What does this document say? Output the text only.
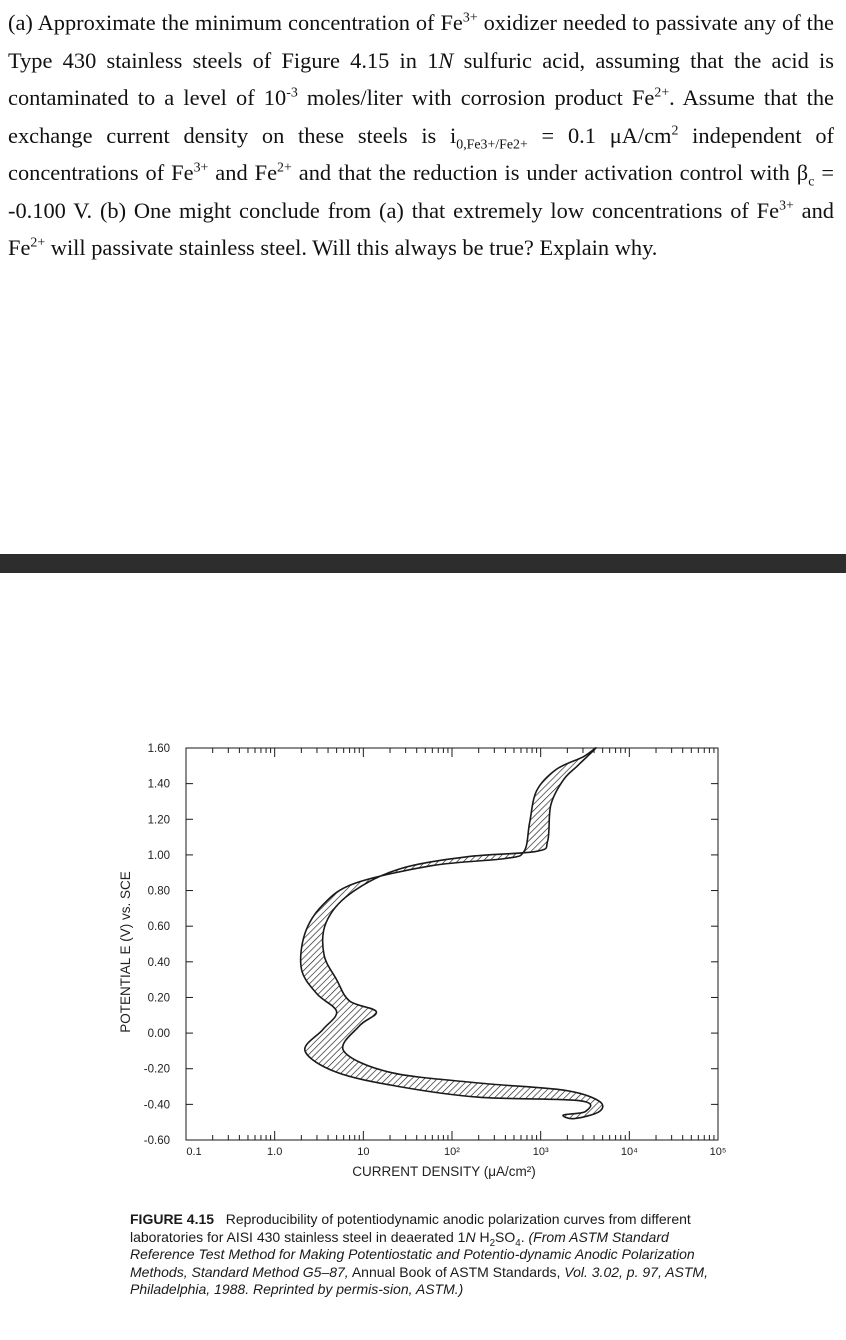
(a) Approximate the minimum concentration of $Fe^{3+}$ oxidizer needed to passivate any of the Type 430 stainless steels of Figure 4.15 in 1N sulfuric acid, assuming that the acid is contaminated to a level of $10^{-3}$ moles/liter with corrosion product $Fe^{2+}$. Assume that the exchange current density on these steels is $i_{0,Fe3+/Fe2+} = 0.1$ $\mu A/cm^2$ independent of concentrations of $Fe^{3+}$ and $Fe^{2+}$ and that the reduction is under activation control with $\beta_c = -0.100$ V. (b) One might conclude from (a) that extremely low concentrations of $Fe^{3+}$ and $Fe^{2+}$ will passivate stainless steel. Will this always be true? Explain why.

1.60
1.40
1.20
1.00
0.80
0.60
0.40
0.20
0.00
-0.20
-0.40
-0.60
0.1	1.0	10	10²	10³	10⁴	10⁵
POTENTIAL E (V) vs. SCE
CURRENT DENSITY (μA/cm²)

FIGURE 4.15 Reproducibility of potentiodynamic anodic polarization curves from different laboratories for AISI 430 stainless steel in deaerated 1N $H_2SO_4$. (From ASTM Standard Reference Test Method for Making Potentiostatic and Potentio-dynamic Anodic Polarization Methods, Standard Method G5–87, Annual Book of ASTM Standards, Vol. 3.02, p. 97, ASTM, Philadelphia, 1988. Reprinted by permis-sion, ASTM.)
